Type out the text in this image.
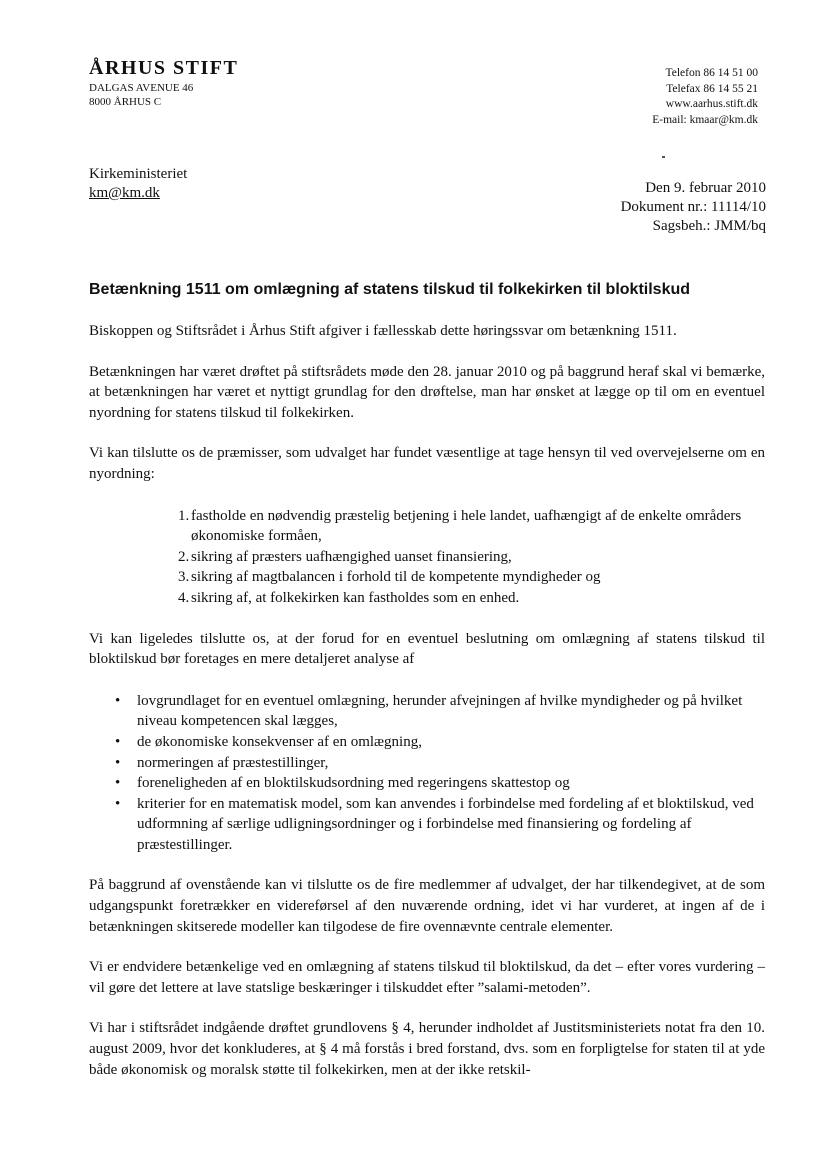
ÅRHUS STIFT
DALGAS AVENUE 46
8000 ÅRHUS C
Telefon 86 14 51 00
Telefax 86 14 55 21
www.aarhus.stift.dk
E-mail: kmaar@km.dk
Kirkeministeriet
km@km.dk	Den 9. februar 2010
Dokument nr.: 11114/10
Sagsbeh.: JMM/bq
Betænkning 1511 om omlægning af statens tilskud til folkekirken til bloktilskud

Biskoppen og Stiftsrådet i Århus Stift afgiver i fællesskab dette høringssvar om betænkning 1511.

Betænkningen har været drøftet på stiftsrådets møde den 28. januar 2010 og på baggrund heraf skal vi bemærke, at betænkningen har været et nyttigt grundlag for den drøftelse, man har ønsket at lægge op til om en eventuel nyordning for statens tilskud til folkekirken.

Vi kan tilslutte os de præmisser, som udvalget har fundet væsentlige at tage hensyn til ved overvejelserne om en nyordning:

1. fastholde en nødvendig præstelig betjening i hele landet, uafhængigt af de enkelte områders økonomiske formåen,
2. sikring af præsters uafhængighed uanset finansiering,
3. sikring af magtbalancen i forhold til de kompetente myndigheder og
4. sikring af, at folkekirken kan fastholdes som en enhed.

Vi kan ligeledes tilslutte os, at der forud for en eventuel beslutning om omlægning af statens tilskud til bloktilskud bør foretages en mere detaljeret analyse af

• lovgrundlaget for en eventuel omlægning, herunder afvejningen af hvilke myndigheder og på hvilket niveau kompetencen skal lægges,
• de økonomiske konsekvenser af en omlægning,
• normeringen af præstestillinger,
• foreneligheden af en bloktilskudsordning med regeringens skattestop og
• kriterier for en matematisk model, som kan anvendes i forbindelse med fordeling af et bloktilskud, ved udformning af særlige udligningsordninger og i forbindelse med finansiering og fordeling af præstestillinger.

På baggrund af ovenstående kan vi tilslutte os de fire medlemmer af udvalget, der har tilkendegivet, at de som udgangspunkt foretrækker en videreførsel af den nuværende ordning, idet vi har vurderet, at ingen af de i betænkningen skitserede modeller kan tilgodese de fire ovennævnte centrale elementer.

Vi er endvidere betænkelige ved en omlægning af statens tilskud til bloktilskud, da det – efter vores vurdering – vil gøre det lettere at lave statslige beskæringer i tilskuddet efter ”salami-metoden”.

Vi har i stiftsrådet indgående drøftet grundlovens § 4, herunder indholdet af Justitsministeriets notat fra den 10. august 2009, hvor det konkluderes, at § 4 må forstås i bred forstand, dvs. som en forpligtelse for staten til at yde både økonomisk og moralsk støtte til folkekirken, men at der ikke retskil-
